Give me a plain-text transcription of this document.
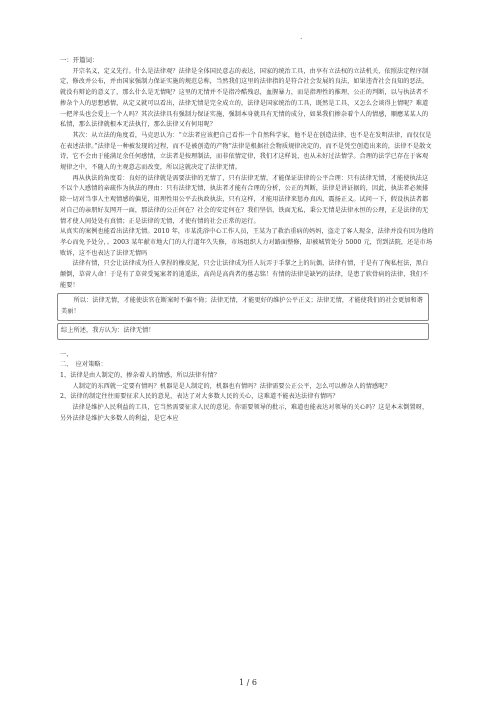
.

一：开篇词：

　　开宗名义，定义先行。什么是法律观？法律是全体国民意志的表达，国家的统治工具，由享有立法权的立法机关，依照法定程序制定，修改并公布，并由国家强制力保证实施的规范总称，当然我们这里的法律指的是符合社会发展的良法，如果违背社会良知的恶法，就没有辩论的意义了，那么什么是无情呢？这里的无情并不是指冷酷残忍，血腥暴力，而是指理性的推理，公正的判断，以与执法者不掺杂个人的思想感情，从定义就可以看出，法律无情是完全成立的，法律是国家统治的工具，既然是工具，又怎么会谈得上情呢？难道一把斧头也会爱上一个人吗？其次法律具有强制力保证实施，强制本身就具有无情的成分，如果我们掺杂着个人的情感，顺應某某人的私情，那么法律就根本无法执行，那么法律又有何用呢？

　　其次：从立法的角度看，马克思认为：“立法者应该把自己看作一个自然科学家，他不是在创造法律，也不是在发明法律，而仅仅是在表述法律。”法律是一种被发现的过程，而不是被创造的产物”法律是根据社会物质规律决定的，而不是凭空创造出来的，法律不是散文诗，它不会由于能满足余任何感情，立法者是按理制法，而非依情定律，我们才这样说，也从未好过法情学。合理的法学已存在于客观规律之中，不随人的主观意志而改变，所以这就决定了法律无情。

　　再从执法的角度看：良好的法律就是需要法律的无情了，只有法律无情，才能保证法律的公平合理：只有法律无情，才能使执法这不以个人感情的亲疏作为执法的理由：只有法律无情，执法者才能有合理的分析，公正的判断，法律是讲证据的，因此，执法者必须排除一切对当事人主观情感的偏见，用理性用公平去执政执法，只有这样，才能用法律来惩办真凶，震扬正义。试问一下，假设执法者都对自己的亲朋好友网开一面，那法律的公正何在？社会的安定何在？我们坚信，铁面无私，秉公无情是法律永恒的公理，正是法律的无情才使人间处处有真情；正是法律的无情，才使有情的社会正常的运行。

从真实的案例也能看出法律无情。2010 年，市某洗浴中心工作人员，王某为了救治重病的妈妈，盗走了客人现金，法律并没有因为他的孝心而免予处分，。2003 某年献市地大门的人行道年久失修，市场组织人力对路面整修，却被城管处分 5000 元，罚到法院，还是市场败诉，这不也表达了法律无情吗

　　法律有情，只会让法律成为任人拿捏的橡皮泥，只会让法律成为任人玩弄于手掌之上的玩偶，法律有情，于是有了徇私枉法，黑白颠倒，草菅人命！于是有了草菅受冤案者的逍遥法，高尚是高尚者的墓志铭！有情的法律是缺钙的法律，是患了软骨病的法律，我们不能要！

　　所以：法律无情，才能使法官在断案时不偏不倚；法律无情，才能更好的维护公平正义；法律无情，才能使我们的社会更加和谐美丽！

综上所述，我方认为：法律无情！

一、

二、　应对策略：

1、法律是由人制定的，掺杂着人的情感，所以法律有情？

　　人制定的东西就一定要有情吗？机器是是人制定的，机器也有情吗？法律需要公正公平，怎么可以掺杂人的情感呢？

2、法律的制定往往需要征求人民的意见，表达了对大多数人民的关心，这难道不能表达法律有情吗？

　　法律是维护人民利益的工具，它当然需要征求人民的意见。你需要领导的批示，难道也能表达对领导的关心吗？这是本末倒置呀，另外法律是维护大多数人的利益，是它本应

1 / 6
